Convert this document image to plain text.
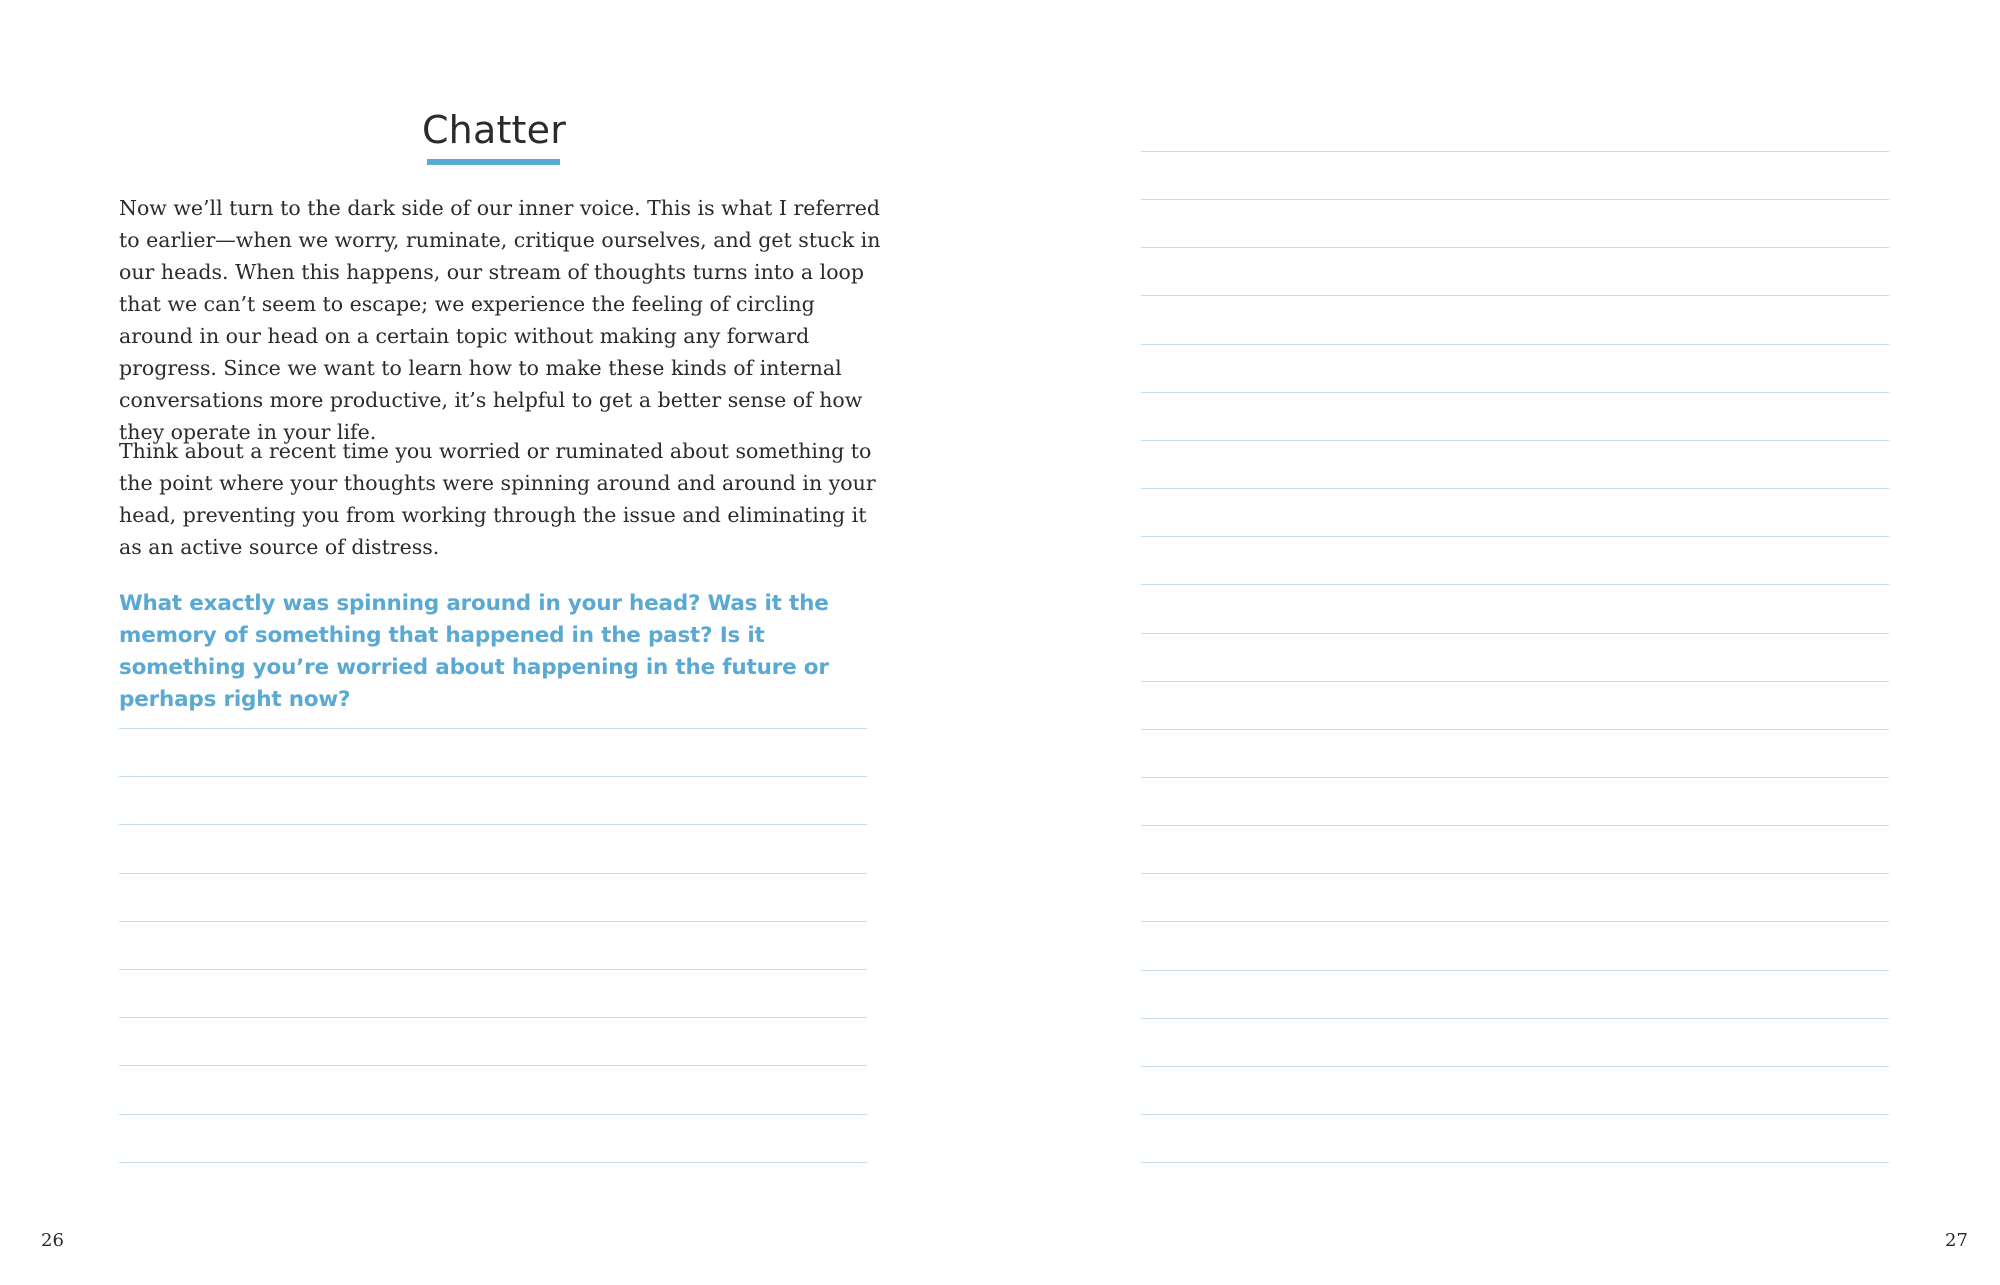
Chatter

Now we’ll turn to the dark side of our inner voice. This is what I referred to earlier—when we worry, ruminate, critique ourselves, and get stuck in our heads. When this happens, our stream of thoughts turns into a loop that we can’t seem to escape; we experience the feeling of circling around in our head on a certain topic without making any forward progress. Since we want to learn how to make these kinds of internal conversations more productive, it’s helpful to get a better sense of how they operate in your life.

Think about a recent time you worried or ruminated about something to the point where your thoughts were spinning around and around in your head, preventing you from working through the issue and eliminating it as an active source of distress.

What exactly was spinning around in your head? Was it the memory of something that happened in the past? Is it something you’re worried about happening in the future or perhaps right now?

26	27
